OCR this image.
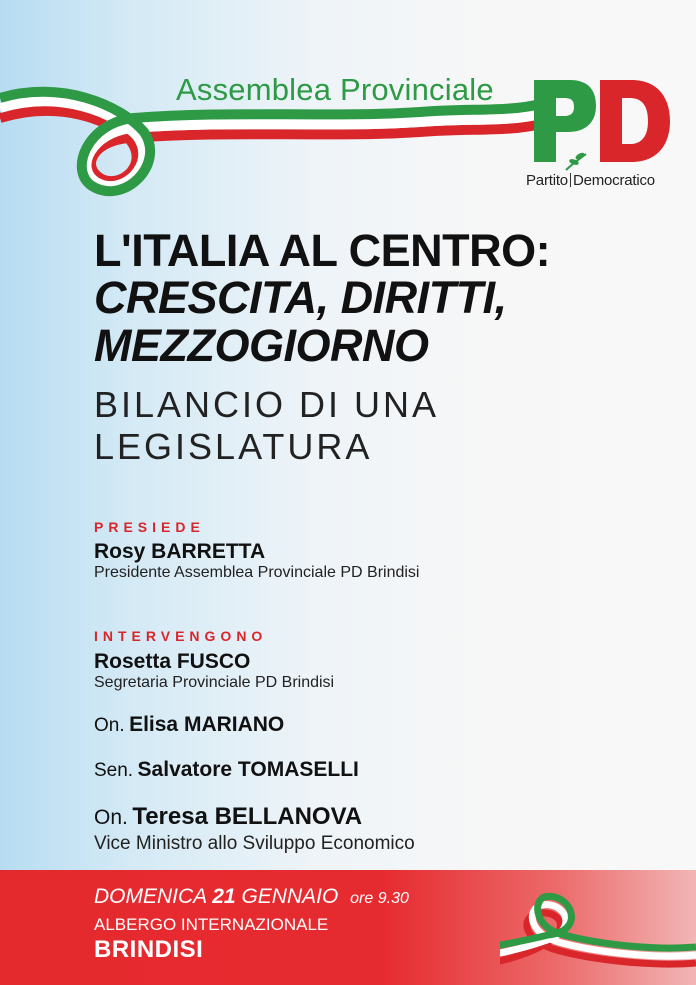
Assemblea Provinciale
Partito Democratico
L'ITALIA AL CENTRO:
CRESCITA, DIRITTI,
MEZZOGIORNO
BILANCIO DI UNA
LEGISLATURA
PRESIEDE
Rosy BARRETTA
Presidente Assemblea Provinciale PD Brindisi
INTERVENGONO
Rosetta FUSCO
Segretaria Provinciale PD Brindisi
On. Elisa MARIANO
Sen. Salvatore TOMASELLI
On. Teresa BELLANOVA
Vice Ministro allo Sviluppo Economico
DOMENICA 21 GENNAIO ore 9.30
ALBERGO INTERNAZIONALE
BRINDISI
